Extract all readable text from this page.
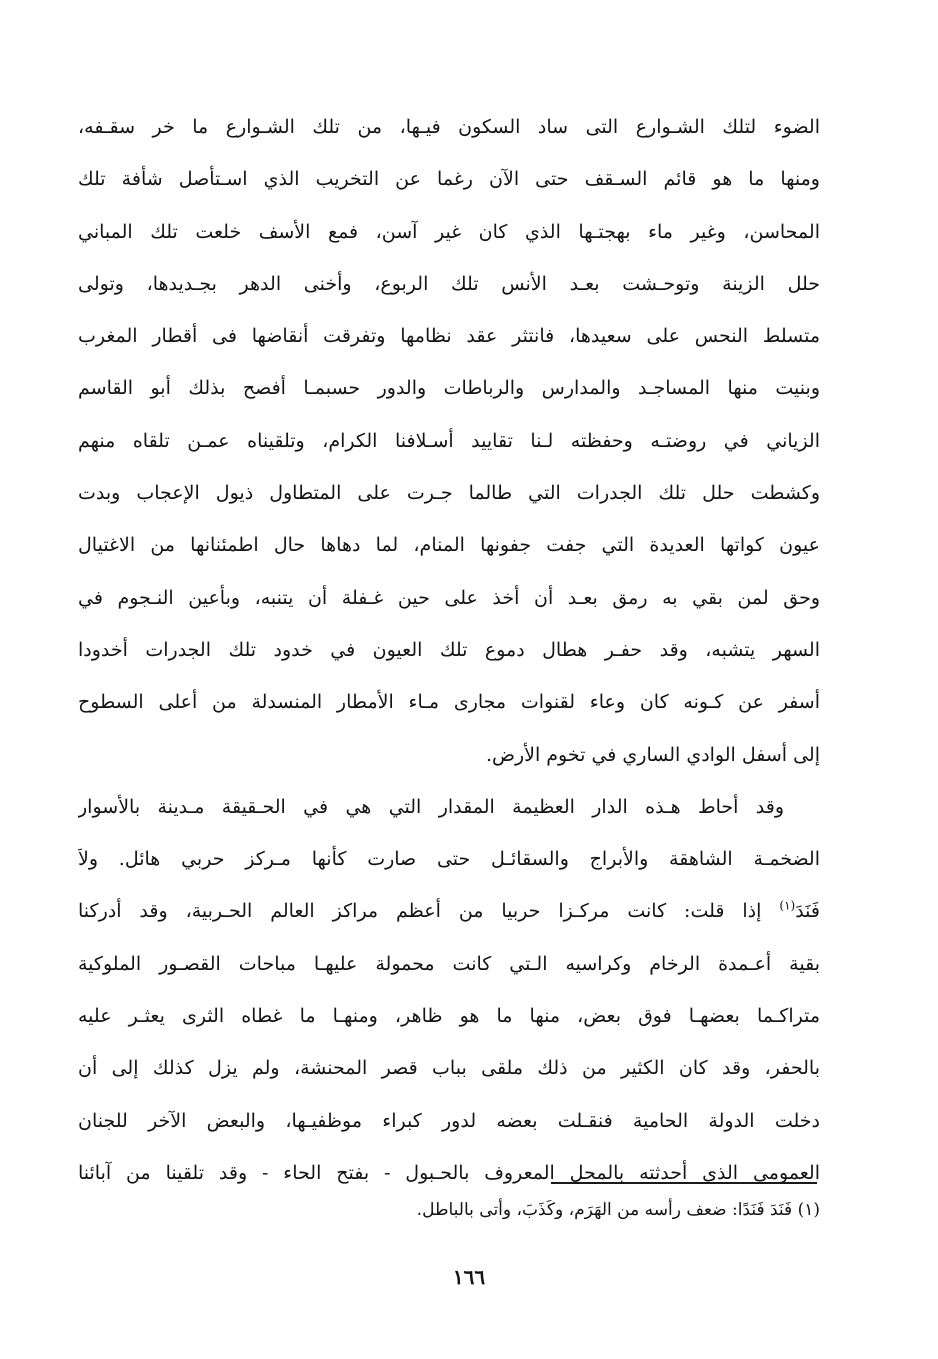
الضوء لتلك الشـوارع التى ساد السكون فيـها، من تلك الشـوارع ما خر سقـفه،
ومنها ما هو قائم السـقف حتى الآن رغما عن التخريب الذي اسـتأصل شأفة تلك
المحاسن، وغير ماء بهجتـها الذي كان غير آسن، فمع الأسف خلعت تلك المباني
حلل الزينة وتوحـشت بعـد الأنس تلك الربوع، وأخنى الدهر بجـديدها، وتولى
متسلط النحس على سعيدها، فانتثر عقد نظامها وتفرقت أنقاضها فى أقطار المغرب
وبنيت منها المساجـد والمدارس والرباطات والدور حسبمـا أفصح بذلك أبو القاسم
الزياني في روضتـه وحفظته لـنا تقاييد أسـلافنا الكرام، وتلقيناه عمـن تلقاه منهم
وكشطت حلل تلك الجدرات التي طالما جـرت على المتطاول ذيول الإعجاب وبدت
عيون كواتها العديدة التي جفت جفونها المنام، لما دهاها حال اطمئنانها من الاغتيال
وحق لمن بقي به رمق بعـد أن أخذ على حين غـفلة أن يتنبه، وبأعين النـجوم في
السهر يتشبه، وقد حفـر هطال دموع تلك العيون في خدود تلك الجدرات أخدودا
أسفر عن كـونه كان وعاء لقنوات مجارى مـاء الأمطار المنسدلة من أعلى السطوح
إلى أسفل الوادي الساري في تخوم الأرض.
وقد أحاط هـذه الدار العظيمة المقدار التي هي في الحـقيقة مـدينة بالأسوار
الضخمـة الشاهقة والأبراج والسقائـل حتى صارت كأنها مـركز حربي هائل. ولاَ
فَنَدَ$^{(١)}$ إذا قلت: كانت مركـزا حربيا من أعظم مراكز العالم الحـربية، وقد أدركنا
بقية أعـمدة الرخام وكراسيه الـتي كانت محمولة عليهـا مباحات القصـور الملوكية
متراكـما بعضهـا فوق بعض، منها ما هو ظاهر، ومنهـا ما غطاه الثرى يعثـر عليه
بالحفر، وقد كان الكثير من ذلك ملقى بباب قصر المحنشة، ولم يزل كذلك إلى أن
دخلت الدولة الحامية فنقـلت بعضه لدور كبراء موظفيـها، والبعض الآخر للجنان
العمومي الذي أحدثته بالمحل المعروف بالحـبول - بفتح الحاء - وقد تلقينا من آبائنا
(١) فَنَدَ فَنَدًا: ضعف رأسه من الهَرَم، وكَذَبَ، وأتى بالباطل.
١٦٦
